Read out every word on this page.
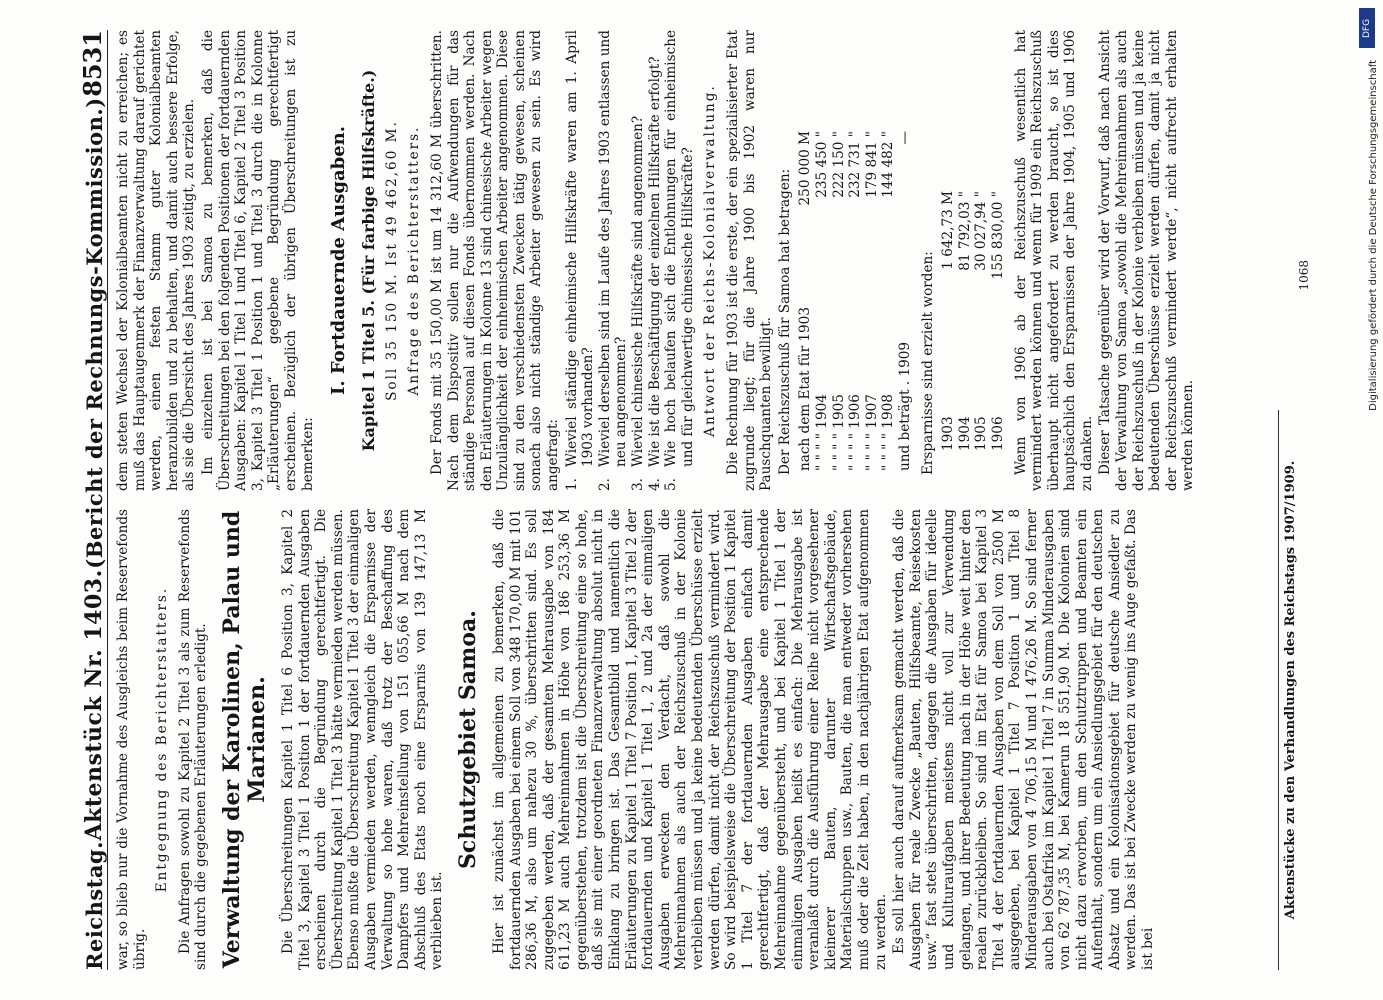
Reichstag.
Aktenstück Nr. 1403.
(Bericht der Rechnungs-Kommission.)
8531

war, so blieb nur die Vornahme des Ausgleichs beim Reservefonds übrig.

Entgegnung des Berichterstatters. Die Anfragen sowohl zu Kapitel 2 Titel 3 als zum Reservefonds sind durch die gegebenen Erläuterungen erledigt. Verwaltung der Karolinen, Palau und Marianen. Die Überschreitungen Kapitel 1 Titel 6 Position 3, Kapitel 2 Titel 3, Kapitel 3 Titel 1 Position 1 der fortdauernden Ausgaben erscheinen durch die Begründung gerechtfertigt. Die Überschreitung Kapitel 1 Titel 3 hätte vermieden werden müssen. Ebenso mußte die Überschreitung Kapitel 1 Titel 3 der einmaligen Ausgaben vermieden werden, wenngleich die Ersparnisse der Verwaltung so hohe waren, daß trotz der Beschaffung des Dampfers und Mehreinstellung von 151 055,66 M nach dem Abschluß des Etats noch eine Ersparnis von 139 147,13 M verblieben ist.

Schutzgebiet Samoa. Hier ist zunächst im allgemeinen zu bemerken, daß die fortdauernden Ausgaben bei einem Soll von 348 170,00 M mit 101 286,36 M, also um nahezu 30 %, überschritten sind. Es soll zugegeben werden, daß der gesamten Mehrausgabe von 184 611,23 M auch Mehreinnahmen in Höhe von 186 253,36 M gegenüberstehen, trotzdem ist die Überschreitung eine so hohe, daß sie mit einer geordneten Finanzverwaltung absolut nicht in Einklang zu bringen ist. Das Gesamtbild und namentlich die Erläuterungen zu Kapitel 1 Titel 7 Position 1, Kapitel 3 Titel 2 der fortdauernden und Kapitel 1 Titel 1, 2 und 2a der einmaligen Ausgaben erwecken den Verdacht, daß sowohl die Mehreinnahmen als auch der Reichszuschuß in der Kolonie verbleiben müssen und ja keine bedeutenden Überschüsse erzielt werden dürfen, damit nicht der Reichszuschuß vermindert wird. So wird beispielsweise die Überschreitung der Position 1 Kapitel 1 Titel 7 der fortdauernden Ausgaben einfach damit gerechtfertigt, daß der Mehrausgabe eine entsprechende Mehreinnahme gegenübersteht, und bei Kapitel 1 Titel 1 der einmaligen Ausgaben heißt es einfach: Die Mehrausgabe ist veranlaßt durch die Ausführung einer Reihe nicht vorgesehener kleinerer Bauten, darunter Wirtschaftsgebäude, Materialschuppen usw., Bauten, die man entweder vorhersehen muß oder die Zeit haben, in den nachjährigen Etat aufgenommen zu werden. Es soll hier auch darauf aufmerksam gemacht werden, daß die Ausgaben für reale Zwecke „Bauten, Hilfsbeamte, Reisekosten usw.“ fast stets überschritten, dagegen die Ausgaben für ideelle und Kulturaufgaben meistens nicht voll zur Verwendung gelangen, und ihrer Bedeutung nach in der Höhe weit hinter den realen zurückbleiben. So sind im Etat für Samoa bei Kapitel 3 Titel 4 der fortdauernden Ausgaben von dem Soll von 2500 M ausgegeben, bei Kapitel 1 Titel 7 Position 1 und Titel 8 Minderausgaben von 4 706,15 M und 1 476,26 M. So sind ferner auch bei Ostafrika im Kapitel 1 Titel 7 in Summa Minderausgaben von 62 787,35 M, bei Kamerun 18 551,90 M. Die Kolonien sind nicht dazu erworben, um den Schutztruppen und Beamten ein Aufenthalt, sondern um ein Ansiedlungsgebiet für den deutschen Absatz und ein Kolonisationsgebiet für deutsche Ansiedler zu werden. Das ist bei Zwecke werden zu wenig ins Auge gefaßt. Das ist bei

dem steten Wechsel der Kolonialbeamten nicht zu erreichen; es muß das Hauptaugenmerk der Finanzverwaltung darauf gerichtet werden, einen festen Stamm guter Kolonialbeamten heranzubilden und zu behalten, und damit auch bessere Erfolge, als sie die Übersicht des Jahres 1903 zeitigt, zu erzielen. Im einzelnen ist bei Samoa zu bemerken, daß die Überschreitungen bei den folgenden Positionen der fortdauernden Ausgaben: Kapitel 1 Titel 1 und Titel 6, Kapitel 2 Titel 3 Position 3, Kapitel 3 Titel 1 Position 1 und Titel 3 durch die in Kolonne „Erläuterungen“ gegebene Begründung gerechtfertigt erscheinen. Bezüglich der übrigen Überschreitungen ist zu bemerken:

I. Fortdauernde Ausgaben. Kapitel 1 Titel 5. (Für farbige Hilfskräfte.) Soll 35 150 M. Ist 49 462,60 M. Anfrage des Berichterstatters. Der Fonds mit 35 150,00 M ist um 14 312,60 M überschritten. Nach dem Dispositiv sollen nur die Aufwendungen für das ständige Personal auf diesen Fonds übernommen werden. Nach den Erläuterungen in Kolonne 13 sind chinesische Arbeiter wegen Unzulänglichkeit der einheimischen Arbeiter angenommen. Diese sind zu den verschiedensten Zwecken tätig gewesen, scheinen sonach also nicht ständige Arbeiter gewesen zu sein. Es wird angefragt: 1.
Wieviel ständige einheimische Hilfskräfte waren am 1. April 1903 vorhanden?
2.
Wieviel derselben sind im Laufe des Jahres 1903 entlassen und neu angenommen?
3.
Wieviel chinesische Hilfskräfte sind angenommen?
4.
Wie ist die Beschäftigung der einzelnen Hilfskräfte erfolgt?
5.
Wie hoch belaufen sich die Entlohnungen für einheimische und für gleichwertige chinesische Hilfskräfte? Antwort der Reichs-Kolonialverwaltung. Die Rechnung für 1903 ist die erste, der ein spezialisierter Etat zugrunde liegt; für die Jahre 1900 bis 1902 waren nur Pauschquanten bewilligt. Der Reichszuschuß für Samoa hat betragen: nach dem Etat für 1903
250 000 M
" " " " 1904
235 450 "
" " " " 1905
222 150 "
" " " " 1906
232 731 "
" " " " 1907
179 841 "
" " " " 1908
144 482 "
und beträgt . 1909
—

Ersparnisse sind erzielt worden: 1903
1 642,73 M
1904
81 792,03 "
1905
30 027,94 "
1906
155 830,00 " Wenn von 1906 ab der Reichszuschuß wesentlich hat vermindert werden können und wenn für 1909 ein Reichszuschuß überhaupt nicht angefordert zu werden braucht, so ist dies hauptsächlich den Ersparnissen der Jahre 1904, 1905 und 1906 zu danken. Dieser Tatsache gegenüber wird der Vorwurf, daß nach Ansicht der Verwaltung von Samoa „sowohl die Mehreinnahmen als auch der Reichszuschuß in der Kolonie verbleiben müssen und ja keine bedeutenden Überschüsse erzielt werden dürfen, damit ja nicht der Reichszuschuß vermindert werde“, nicht aufrecht erhalten werden können.

Aktenstücke zu den Verhandlungen des Reichstags 1907/1909.
1068
DFG
Digitalisierung gefördert durch die Deutsche Forschungsgemeinschaft
